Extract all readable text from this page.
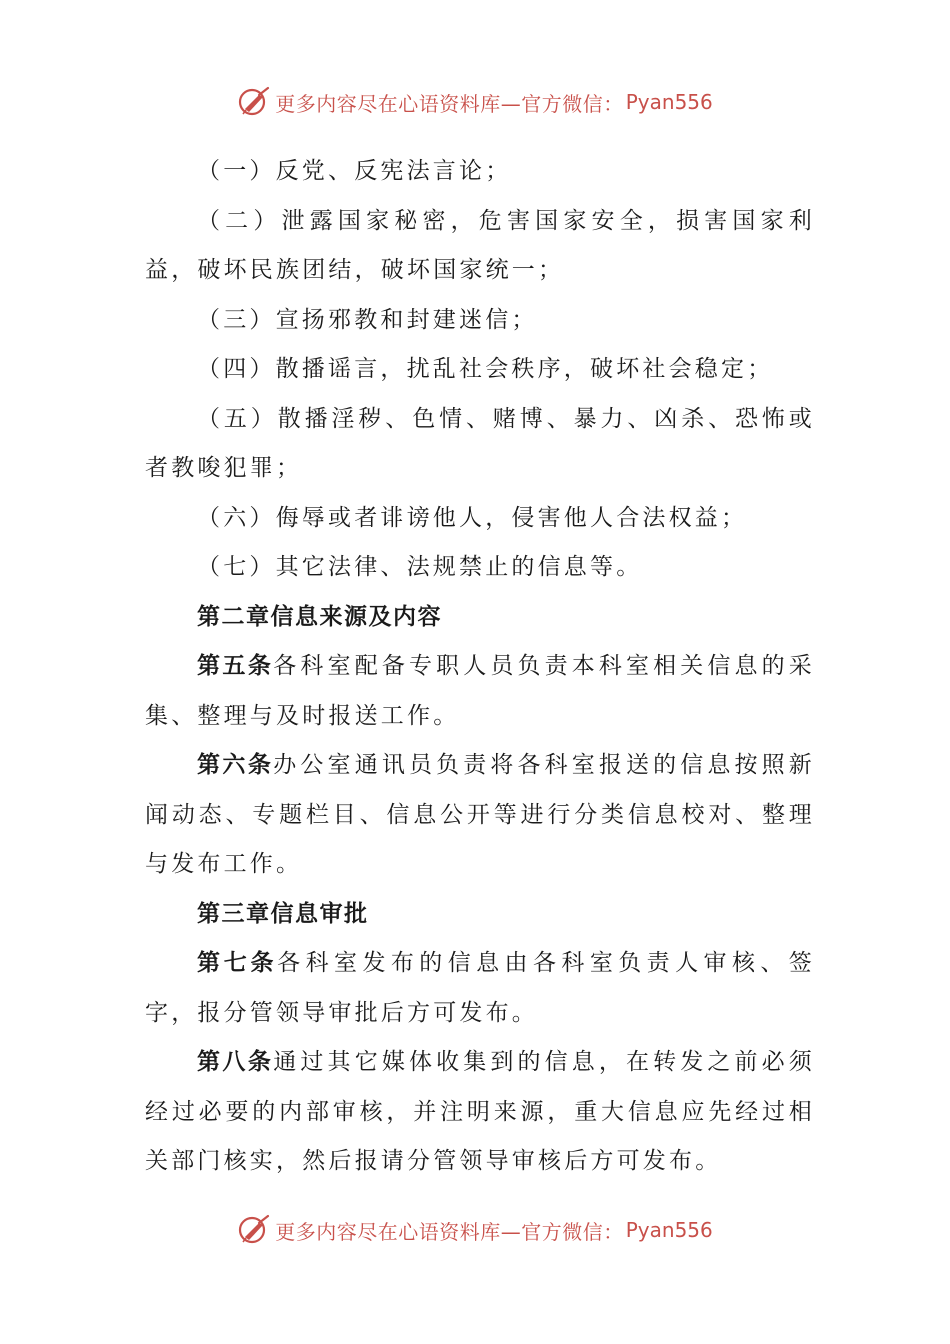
更多内容尽在心语资料库—官方微信： Pyan556

（一）反党、反宪法言论；

（二）泄露国家秘密，危害国家安全，损害国家利益，破坏民族团结，破坏国家统一；

（三）宣扬邪教和封建迷信；

（四）散播谣言，扰乱社会秩序，破坏社会稳定；

（五）散播淫秽、色情、赌博、暴力、凶杀、恐怖或者教唆犯罪；

（六）侮辱或者诽谤他人，侵害他人合法权益；

（七）其它法律、法规禁止的信息等。

第二章信息来源及内容

第五条各科室配备专职人员负责本科室相关信息的采集、整理与及时报送工作。

第六条办公室通讯员负责将各科室报送的信息按照新闻动态、专题栏目、信息公开等进行分类信息校对、整理与发布工作。

第三章信息审批

第七条各科室发布的信息由各科室负责人审核、签字，报分管领导审批后方可发布。

第八条通过其它媒体收集到的信息，在转发之前必须经过必要的内部审核，并注明来源，重大信息应先经过相关部门核实，然后报请分管领导审核后方可发布。

更多内容尽在心语资料库—官方微信： Pyan556
